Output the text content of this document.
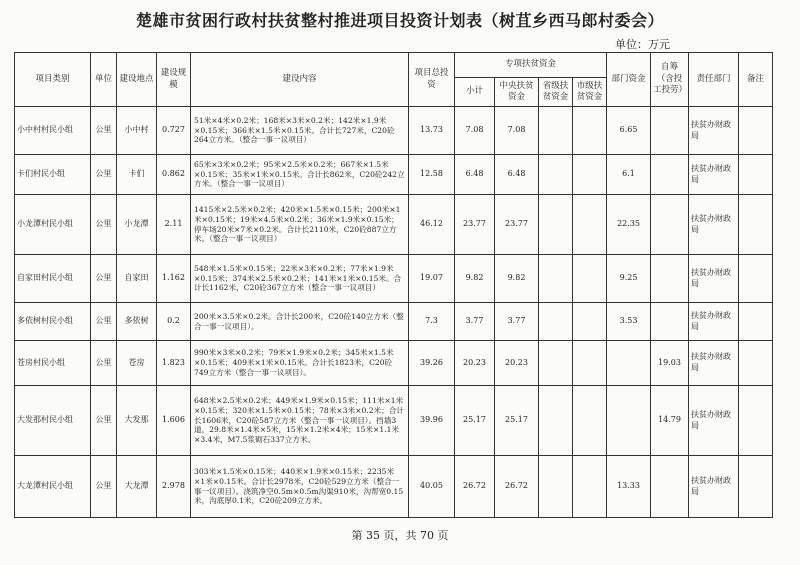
楚雄市贫困行政村扶贫整村推进项目投资计划表（树苴乡西马郎村委会）
单位：万元
项目类别	单位	建设地点	建设规模	建设内容	项目总投资	专项扶贫资金				部门资金	自筹（含投工投劳）	责任部门	备注
						小计	中央扶贫资金	省级扶贫资金	市级扶贫资金				
小中村村民小组	公里	小中村	0.727	51米×4米×0.2米；168米×3米×0.2米；142米×1.9米×0.15米；366米×1.5米×0.15米。合计长727米，C20砼264立方米。（整合一事一议项目）	13.73	7.08	7.08			6.65		扶贫办财政局	
卡们村民小组	公里	卡们	0.862	65米×3米×0.2米；95米×2.5米×0.2米；667米×1.5米×0.15米；35米×1米×0.15米。合计长862米，C20砼242立方米。（整合一事一议项目）	12.58	6.48	6.48			6.1		扶贫办财政局	
小龙潭村民小组	公里	小龙潭	2.11	1415米×2.5米×0.2米；420米×1.5米×0.15米；200米×1米×0.15米；19米×4.5米×0.2米；36米×1.9米×0.15米；停车场20米×7米×0.2米。合计长2110米，C20砼887立方米。（整合一事一议项目）	46.12	23.77	23.77			22.35		扶贫办财政局	
自家田村民小组	公里	自家田	1.162	548米×1.5米×0.15米；22米×3米×0.2米；77米×1.9米×0.15米；374米×2.5米×0.2米；141米×1米×0.15米。合计长1162米，C20砼367立方米（整合一事一议项目）	19.07	9.82	9.82			9.25		扶贫办财政局	
多依树村民小组	公里	多依树	0.2	200米×3.5米×0.2米。合计长200米，C20砼140立方米（整合一事一议项目）。	7.3	3.77	3.77			3.53		扶贫办财政局	
苍房村民小组	公里	苍房	1.823	990米×3米×0.2米；79米×1.9米×0.2米；345米×1.5米×0.15米；409米×1米×0.15米。合计长1823米，C20砼749立方米（整合一事一议项目）。	39.26	20.23	20.23				19.03	扶贫办财政局	
大发那村民小组	公里	大发那	1.606	648米×2.5米×0.2米；449米×1.9米×0.15米；111米×1米×0.15米；320米×1.5米×0.15米；78米×3米×0.2米；合计长1606米，C20砼587立方米（整合一事一议项目）。挡墙3道，29.8米×1.4米×5米，15米×1.2米×4米；15米×1.1米×3.4米，M7.5浆砌石337立方米。	39.96	25.17	25.17				14.79	扶贫办财政局	
大龙潭村民小组	公里	大龙潭	2.978	303米×1.5米×0.15米；440米×1.9米×0.15米；2235米×1米×0.15米。合计长2978米，C20砼529立方米（整合一事一议项目）。浇筑净空0.5m×0.5m沟渠910米，沟帮宽0.15米，沟底厚0.1米，C20砼209立方米。	40.05	26.72	26.72			13.33		扶贫办财政局	
第 35 页，共 70 页
